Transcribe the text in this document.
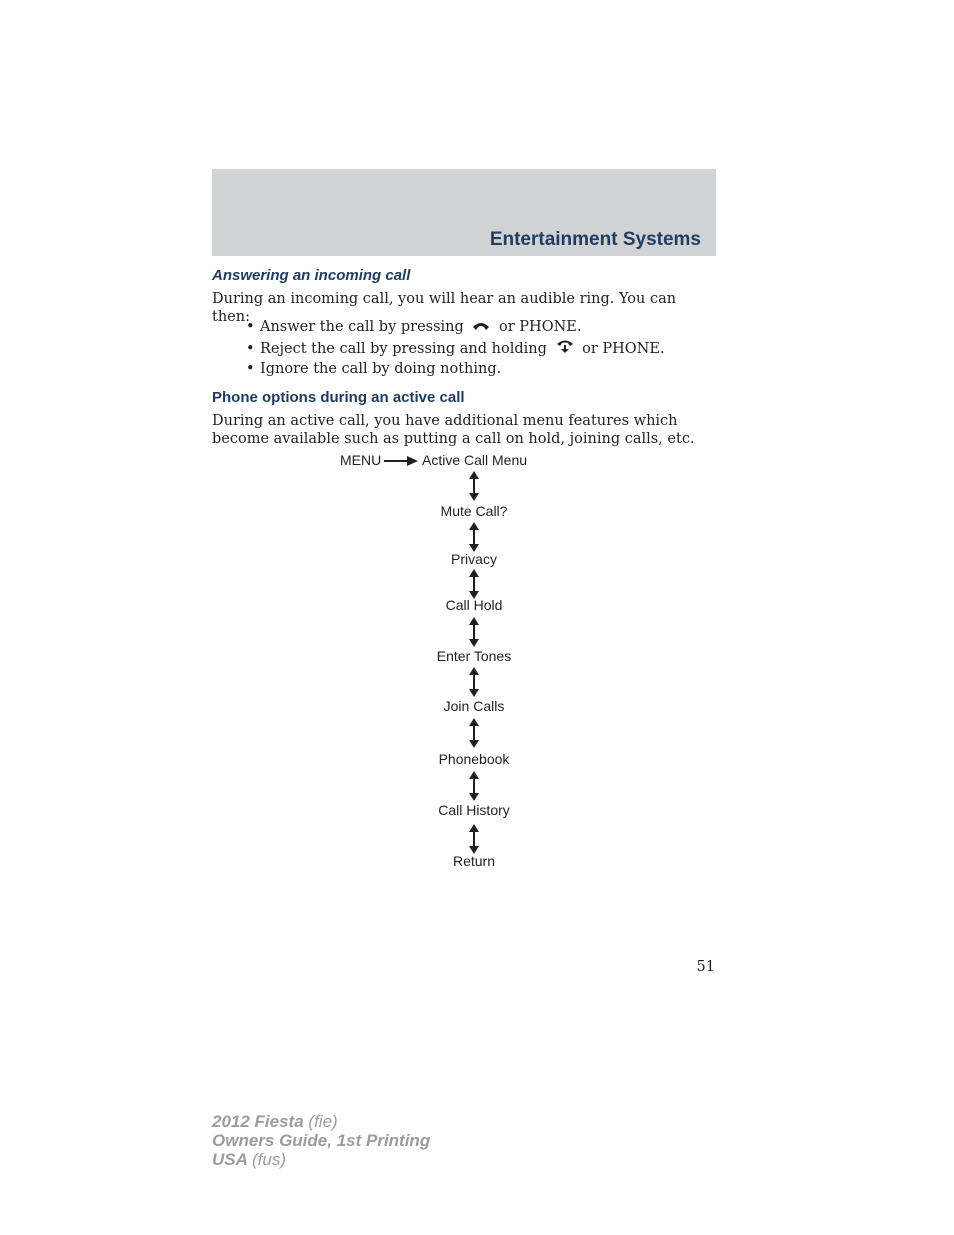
Entertainment Systems
Answering an incoming call
During an incoming call, you will hear an audible ring. You can then:
• Answer the call by pressing or PHONE.
• Reject the call by pressing and holding or PHONE.
• Ignore the call by doing nothing.
Phone options during an active call
During an active call, you have additional menu features which become available such as putting a call on hold, joining calls, etc.
MENU	Active Call Menu
Mute Call?
Privacy
Call Hold
Enter Tones
Join Calls
Phonebook
Call History
Return
51
2012 Fiesta (fie)
Owners Guide, 1st Printing
USA (fus)
